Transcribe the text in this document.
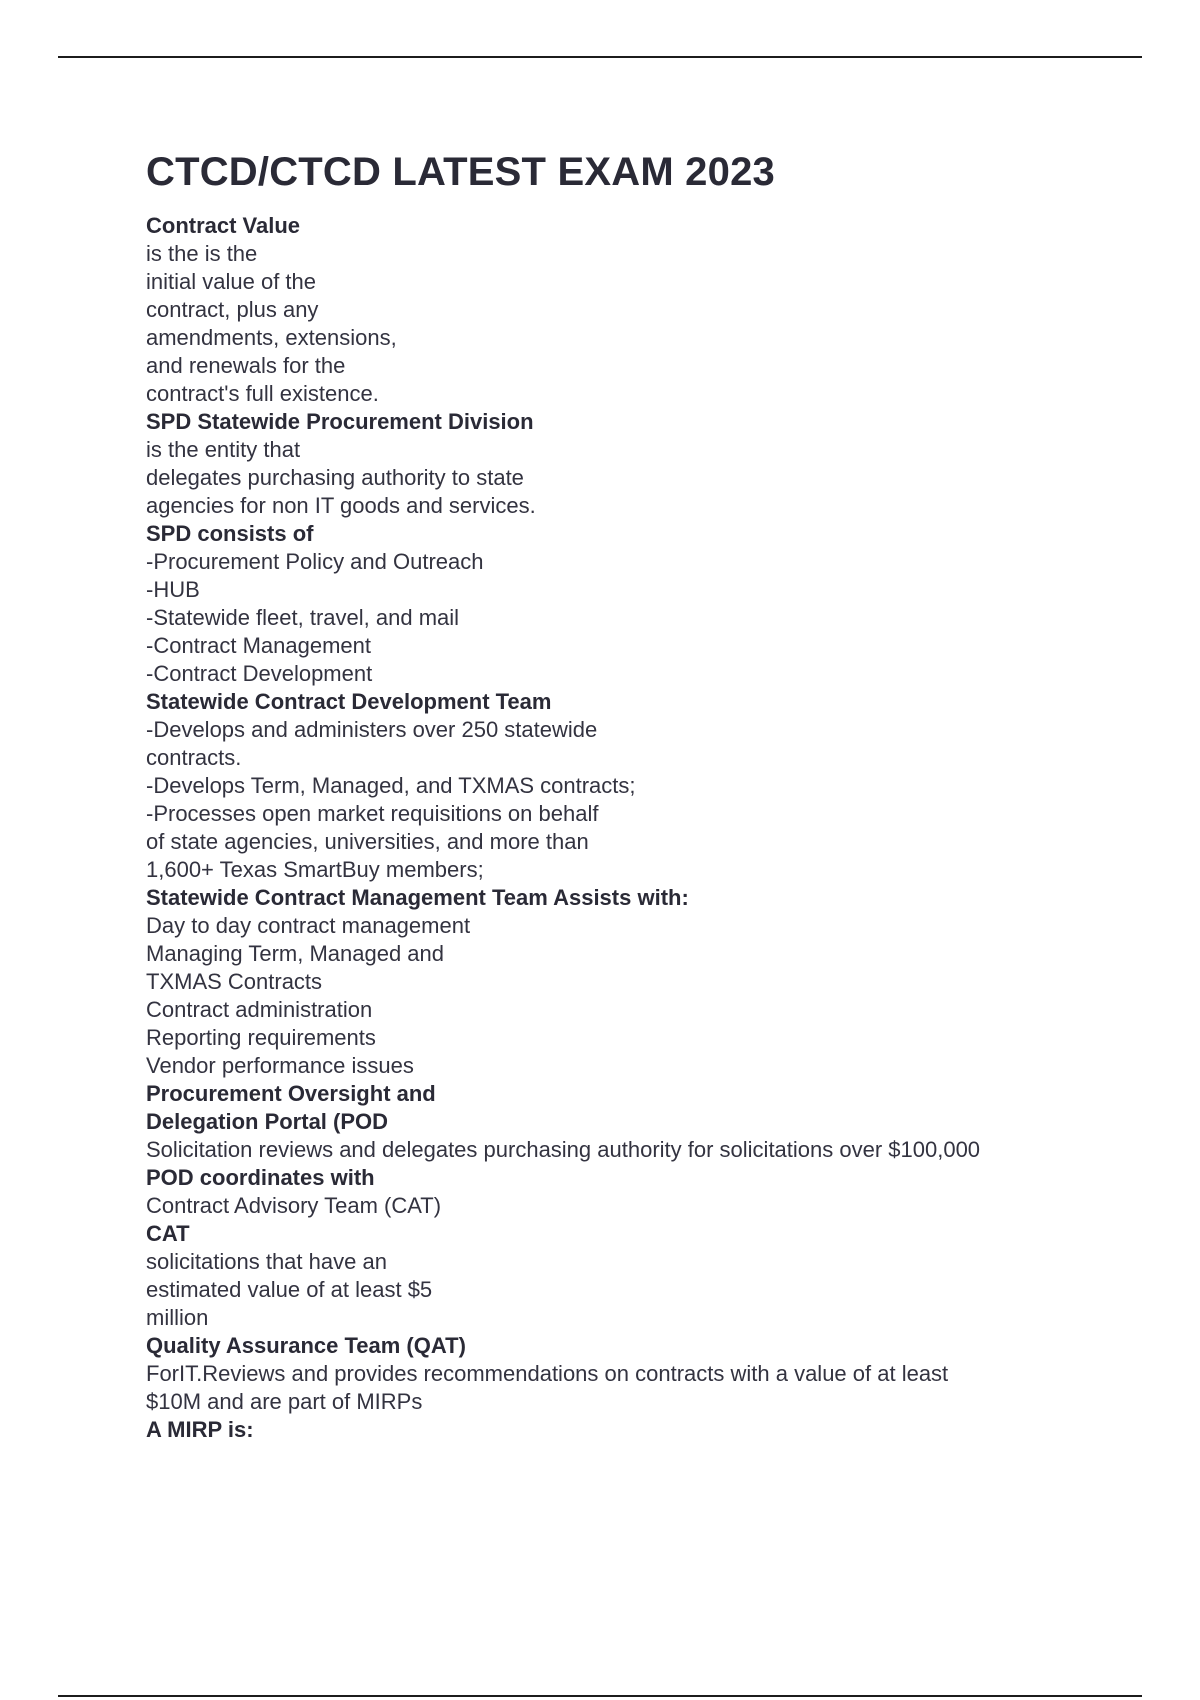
CTCD/CTCD LATEST EXAM 2023

Contract Value

is the is the
initial value of the
contract, plus any
amendments, extensions,
and renewals for the
contract's full existence.

SPD Statewide Procurement Division

is the entity that
delegates purchasing authority to state
agencies for non IT goods and services.

SPD consists of

-Procurement Policy and Outreach
-HUB
-Statewide fleet, travel, and mail
-Contract Management
-Contract Development

Statewide Contract Development Team

-Develops and administers over 250 statewide
contracts.
-Develops Term, Managed, and TXMAS contracts;
-Processes open market requisitions on behalf
of state agencies, universities, and more than
1,600+ Texas SmartBuy members;

Statewide Contract Management Team Assists with:

Day to day contract management
Managing Term, Managed and
TXMAS Contracts
Contract administration
Reporting requirements
Vendor performance issues

Procurement Oversight and
Delegation Portal (POD

Solicitation reviews and delegates purchasing authority for solicitations over $100,000

POD coordinates with

Contract Advisory Team (CAT)

CAT

solicitations that have an
estimated value of at least $5
million

Quality Assurance Team (QAT)

ForIT.Reviews and provides recommendations on contracts with a value of at least
$10M and are part of MIRPs

A MIRP is:
